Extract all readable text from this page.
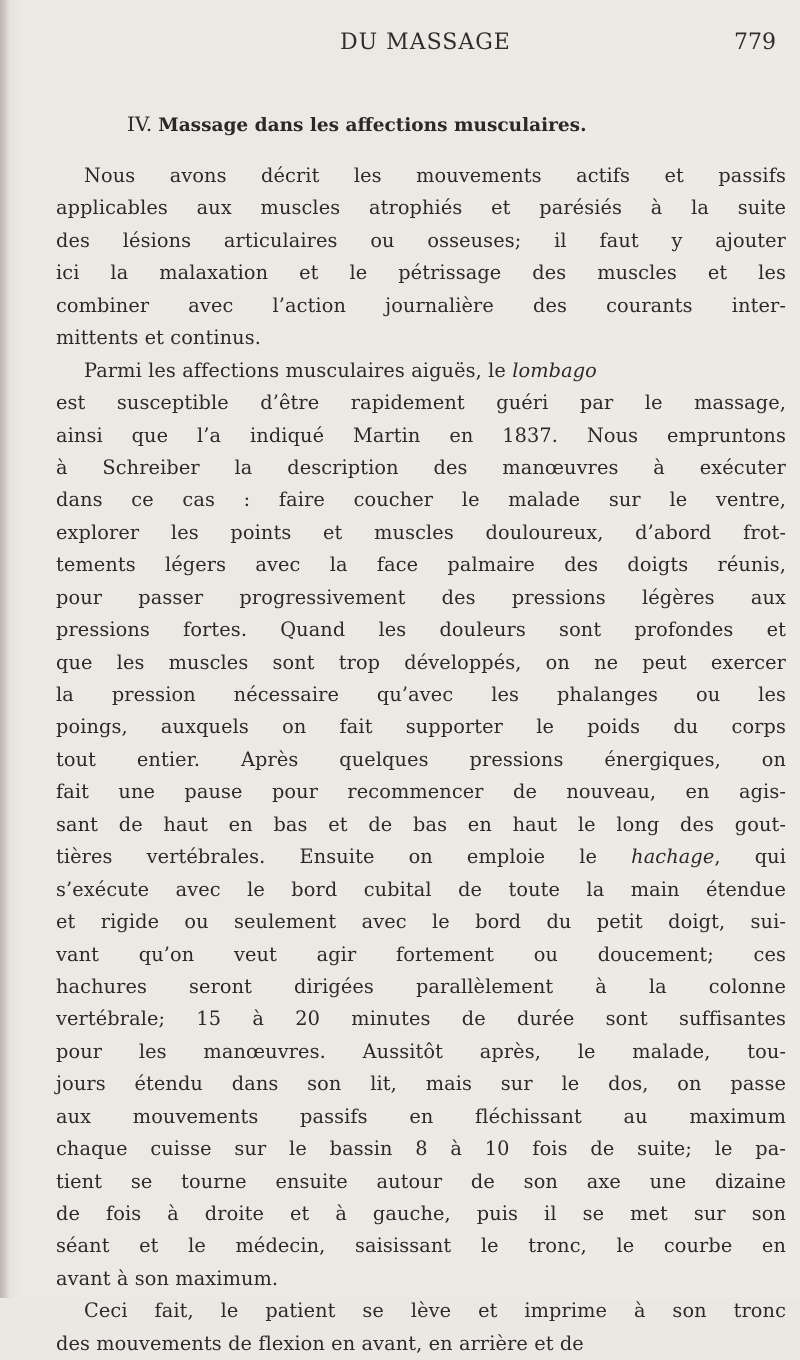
DU MASSAGE	779
IV. Massage dans les affections musculaires.
Nous avons décrit les mouvements actifs et passifs
applicables aux muscles atrophiés et parésiés à la suite
des lésions articulaires ou osseuses; il faut y ajouter
ici la malaxation et le pétrissage des muscles et les
combiner avec l’action journalière des courants inter-
mittents et continus.
Parmi les affections musculaires aiguës, le lombago
est susceptible d’être rapidement guéri par le massage,
ainsi que l’a indiqué Martin en 1837. Nous empruntons
à Schreiber la description des manœuvres à exécuter
dans ce cas : faire coucher le malade sur le ventre,
explorer les points et muscles douloureux, d’abord frot-
tements légers avec la face palmaire des doigts réunis,
pour passer progressivement des pressions légères aux
pressions fortes. Quand les douleurs sont profondes et
que les muscles sont trop développés, on ne peut exercer
la pression nécessaire qu’avec les phalanges ou les
poings, auxquels on fait supporter le poids du corps
tout entier. Après quelques pressions énergiques, on
fait une pause pour recommencer de nouveau, en agis-
sant de haut en bas et de bas en haut le long des gout-
tières vertébrales. Ensuite on emploie le hachage, qui
s’exécute avec le bord cubital de toute la main étendue
et rigide ou seulement avec le bord du petit doigt, sui-
vant qu’on veut agir fortement ou doucement; ces
hachures seront dirigées parallèlement à la colonne
vertébrale; 15 à 20 minutes de durée sont suffisantes
pour les manœuvres. Aussitôt après, le malade, tou-
jours étendu dans son lit, mais sur le dos, on passe
aux mouvements passifs en fléchissant au maximum
chaque cuisse sur le bassin 8 à 10 fois de suite; le pa-
tient se tourne ensuite autour de son axe une dizaine
de fois à droite et à gauche, puis il se met sur son
séant et le médecin, saisissant le tronc, le courbe en
avant à son maximum.
Ceci fait, le patient se lève et imprime à son tronc
des mouvements de flexion en avant, en arrière et de
